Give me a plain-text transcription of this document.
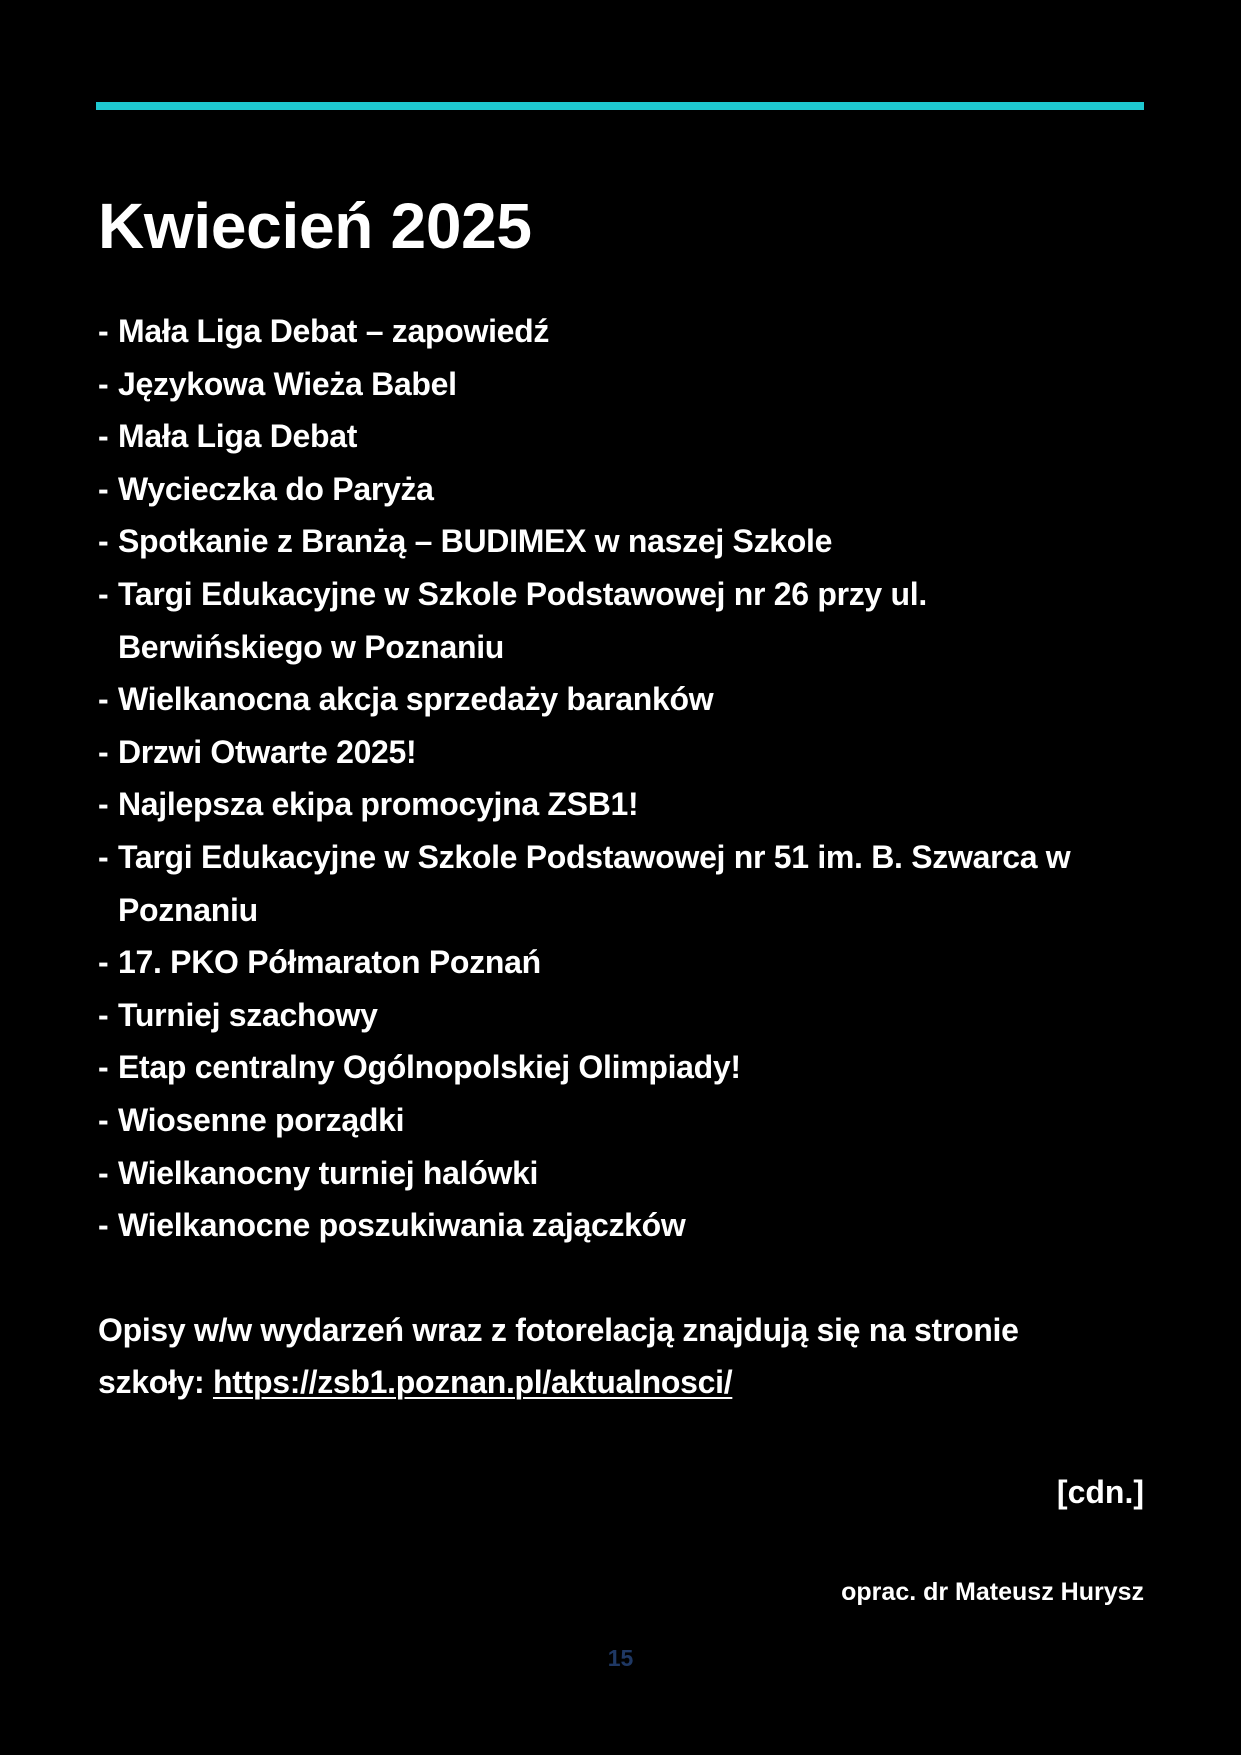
Kwiecień 2025
- Mała Liga Debat – zapowiedź
- Językowa Wieża Babel
- Mała Liga Debat
- Wycieczka do Paryża
- Spotkanie z Branżą – BUDIMEX w naszej Szkole
- Targi Edukacyjne w Szkole Podstawowej nr 26 przy ul.
Berwińskiego w Poznaniu
- Wielkanocna akcja sprzedaży baranków
- Drzwi Otwarte 2025!
- Najlepsza ekipa promocyjna ZSB1!
- Targi Edukacyjne w Szkole Podstawowej nr 51 im. B. Szwarca w
Poznaniu
- 17. PKO Półmaraton Poznań
- Turniej szachowy
- Etap centralny Ogólnopolskiej Olimpiady!
- Wiosenne porządki
- Wielkanocny turniej halówki
- Wielkanocne poszukiwania zajączków

Opisy w/w wydarzeń wraz z fotorelacją znajdują się na stronie
szkoły: https://zsb1.poznan.pl/aktualnosci/

[cdn.]
oprac. dr Mateusz Hurysz
15
